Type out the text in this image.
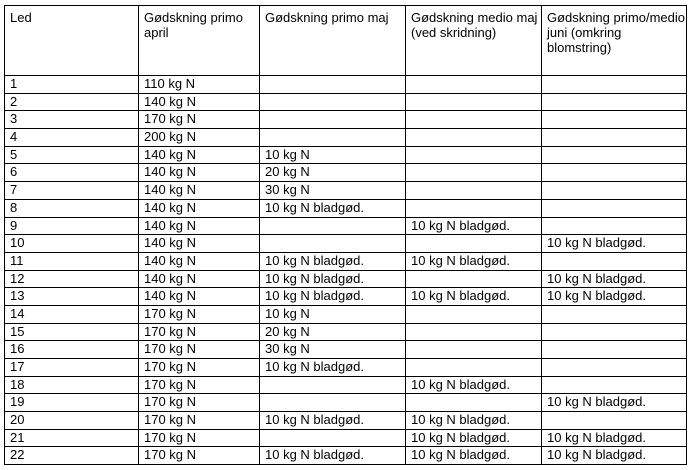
Led	Gødskning primo april	Gødskning primo maj	Gødskning medio maj (ved skridning)	Gødskning primo/medio juni (omkring blomstring)
1	110 kg N			
2	140 kg N			
3	170 kg N			
4	200 kg N			
5	140 kg N	10 kg N		
6	140 kg N	20 kg N		
7	140 kg N	30 kg N		
8	140 kg N	10 kg N bladgød.		
9	140 kg N		10 kg N bladgød.	
10	140 kg N			10 kg N bladgød.
11	140 kg N	10 kg N bladgød.	10 kg N bladgød.	
12	140 kg N	10 kg N bladgød.		10 kg N bladgød.
13	140 kg N	10 kg N bladgød.	10 kg N bladgød.	10 kg N bladgød.
14	170 kg N	10 kg N		
15	170 kg N	20 kg N		
16	170 kg N	30 kg N		
17	170 kg N	10 kg N bladgød.		
18	170 kg N		10 kg N bladgød.	
19	170 kg N			10 kg N bladgød.
20	170 kg N	10 kg N bladgød.	10 kg N bladgød.	
21	170 kg N		10 kg N bladgød.	10 kg N bladgød.
22	170 kg N	10 kg N bladgød.	10 kg N bladgød.	10 kg N bladgød.
